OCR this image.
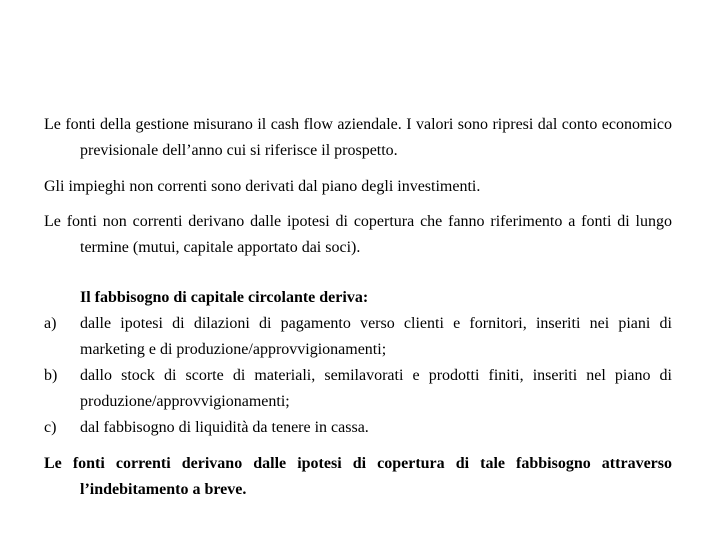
Le fonti della gestione misurano il cash flow aziendale. I valori sono ripresi dal conto economico previsionale dell’anno cui si riferisce il prospetto.

Gli impieghi non correnti sono derivati dal piano degli investimenti.

Le fonti non correnti derivano dalle ipotesi di copertura che fanno riferimento a fonti di lungo termine (mutui, capitale apportato dai soci).

Il fabbisogno di capitale circolante deriva:

a)	dalle ipotesi di dilazioni di pagamento verso clienti e fornitori, inseriti nei piani di marketing e di produzione/approvvigionamenti;
b)	dallo stock di scorte di materiali, semilavorati e prodotti finiti, inseriti nel piano di produzione/approvvigionamenti;
c)	dal fabbisogno di liquidità da tenere in cassa.

Le fonti correnti derivano dalle ipotesi di copertura di tale fabbisogno attraverso l’indebitamento a breve.
